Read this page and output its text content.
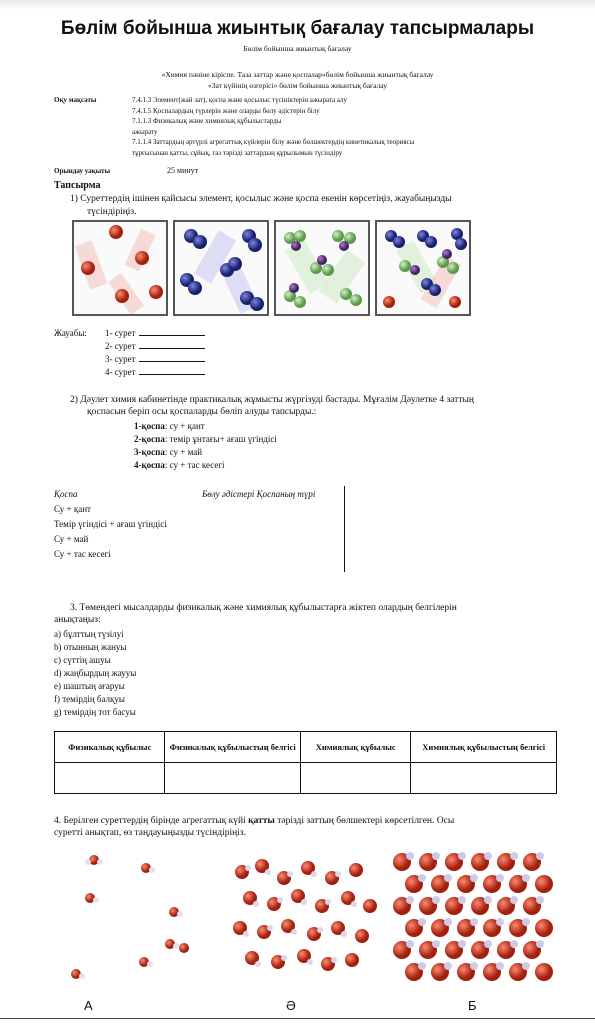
Бөлім бойынша жиынтық бағалау тапсырмалары
Бөлім бойынша жиынтық бағалау
«Химия пәніне кіріспе. Таза заттар және қоспалар»бөлім бойынша жиынтық бағалау
«Зат күйінің өзгерісі» бөлім бойынша жиынтық бағалау
Оқу мақсаты	7.4.1.3 Элемент(жай зат), қоспа және қосылыс түсініктерін ажырата алу
7.4.1.5 Қоспалардың түрлерін және оларды бөлу әдістерін білу
7.1.1.3 Физикалық және химиялық құбылыстарды
ажырату
7.1.1.4 Заттардың әртүрлі агрегаттық күйлерін білу және бөлшектердің кинетикалық теориясы
тұрғысынан қатты, сұйық, газ тәрізді заттардың құрылымын түсіндіру
Орындау уақыты	25 минут
Тапсырма
1) Суреттердің ішінен қайсысы элемент, қосылыс және қоспа екенін көрсетіңіз, жауабыңызды
түсіндіріңіз.
Жауабы: 1- сурет
2- сурет
3- сурет
4- сурет
2) Дәулет химия кабинетінде практикалық жұмысты жүргізуді бастады. Мұғалім Дәулетке 4 заттың
қоспасын беріп осы қоспаларды бөліп алуды тапсырды.:
1-қоспа: су + қант
2-қоспа: темір ұнтағы+ ағаш үгіндісі
3-қоспа: су + май
4-қоспа: су + тас кесегі
Қоспа	Бөлу әдістері Қоспаның түрі
Су + қант
Темір үгіндісі + ағаш үгіндісі
Су + май
Су + тас кесегі
3. Төмендегі мысалдарды физикалық және химиялық құбылыстарға жіктеп олардың белгілерін
анықтаңыз:
a) бұлттың түзілуі
b) отынның жануы
c) сүттің ашуы
d) жаңбырдың жаууы
e) шаштың ағаруы
f) темірдің балқуы
g) темірдің тот басуы
Физикалық құбылыс	Физикалық құбылыстың белгісі	Химиялық құбылыс	Химиялық құбылыстың белгісі

4. Берілген суреттердің бірінде агрегаттық күйі қатты тәрізді заттың бөлшектері көрсетілген. Осы
суретті анықтап, өз таңдауыңызды түсіндіріңіз.
А	Ә	Б
